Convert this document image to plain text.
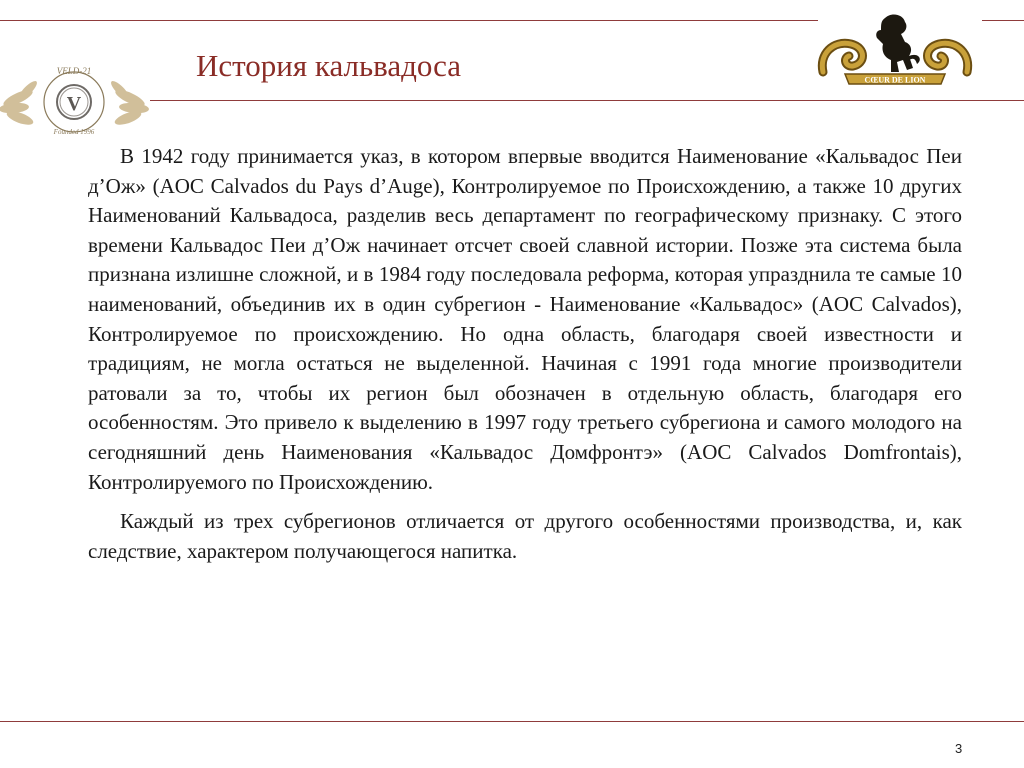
V
VELD-21
Founded 1996
История кальвадоса	CŒUR DE LION

В 1942 году принимается указ, в котором впервые вводится Наименование «Кальвадос Пеи д’Ож» (AOC Calvados du Pays d’Auge), Контролируемое по Происхождению, а также 10 других Наименований Кальвадоса, разделив весь департамент по географическому признаку. С этого времени Кальвадос Пеи д’Ож начинает отсчет своей славной истории. Позже эта система была признана излишне сложной, и в 1984 году последовала реформа, которая упразднила те самые 10 наименований, объединив их в один субрегион - Наименование «Кальвадос» (AOC Calvados), Контролируемое по происхождению. Но одна область, благодаря своей известности и традициям, не могла остаться не выделенной. Начиная с 1991 года многие производители ратовали за то, чтобы их регион был обозначен в отдельную область, благодаря его особенностям. Это привело к выделению в 1997 году третьего субрегиона и самого молодого на сегодняшний день Наименования «Кальвадос Домфронтэ» (AOC Calvados Domfrontais), Контролируемого по Происхождению.

Каждый из трех субрегионов отличается от другого особенностями производства, и, как следствие, характером получающегося напитка.

3
